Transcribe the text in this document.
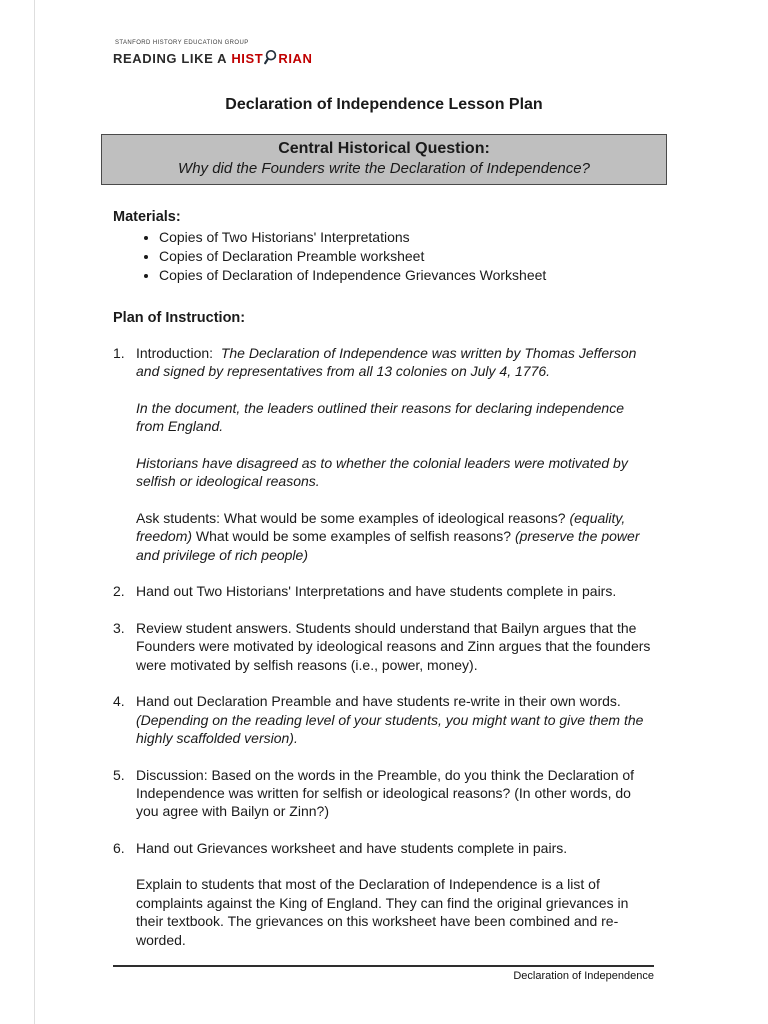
STANFORD HISTORY EDUCATION GROUP
READING LIKE A
HIST RIAN
Declaration of Independence Lesson Plan
Central Historical Question:
Why did the Founders write the Declaration of Independence?
Materials:
• Copies of Two Historians' Interpretations
• Copies of Declaration Preamble worksheet
• Copies of Declaration of Independence Grievances Worksheet
Plan of Instruction:
1. Introduction: The Declaration of Independence was written by Thomas Jefferson and signed by representatives from all 13 colonies on July 4, 1776.

In the document, the leaders outlined their reasons for declaring independence from England.

Historians have disagreed as to whether the colonial leaders were motivated by selfish or ideological reasons.

Ask students: What would be some examples of ideological reasons? (equality, freedom) What would be some examples of selfish reasons? (preserve the power and privilege of rich people)

2. Hand out Two Historians' Interpretations and have students complete in pairs.

3. Review student answers. Students should understand that Bailyn argues that the Founders were motivated by ideological reasons and Zinn argues that the founders were motivated by selfish reasons (i.e., power, money).

4. Hand out Declaration Preamble and have students re-write in their own words.  (Depending on the reading level of your students, you might want to give them the highly scaffolded version).

5. Discussion: Based on the words in the Preamble, do you think the Declaration of Independence was written for selfish or ideological reasons? (In other words, do you agree with Bailyn or Zinn?)

6. Hand out Grievances worksheet and have students complete in pairs.

Explain to students that most of the Declaration of Independence is a list of complaints against the King of England. They can find the original grievances in their textbook. The grievances on this worksheet have been combined and re-worded.

Declaration of Independence
